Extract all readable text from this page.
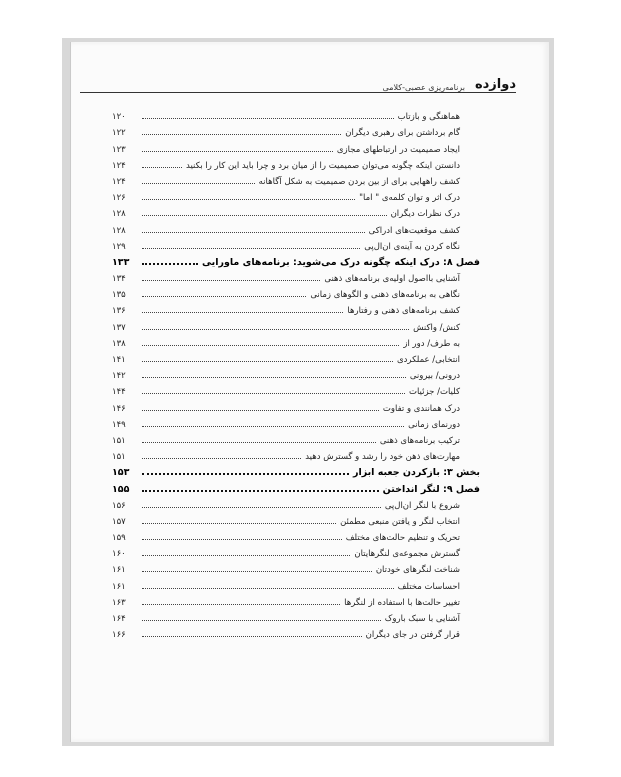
دوازده
برنامه‌ریزی عصبی-کلامی
هماهنگی و بازتاب
۱۲۰
گام برداشتن برای رهبری دیگران
۱۲۲
ایجاد صمیمیت در ارتباطهای مجازی
۱۲۳
دانستن اینکه چگونه می‌توان صمیمیت را از میان برد و چرا باید این کار را بکنید
۱۲۴
کشف راههایی برای از بین بردن صمیمیت به شکل آگاهانه
۱۲۴
درک اثر و توان کلمه‌ی " اما"
۱۲۶
درک نظرات دیگران
۱۲۸
کشف موقعیت‌های ادراکی
۱۲۸
نگاه کردن به آینه‌ی ان‌ال‌پی
۱۲۹
فصل ۸: درک اینکه چگونه درک می‌شوید: برنامه‌های ماورایی
۱۳۳
آشنایی بااصول اولیه‌ی برنامه‌های ذهنی
۱۳۴
نگاهی به برنامه‌های ذهنی و الگوهای زمانی
۱۳۵
کشف برنامه‌های ذهنی و رفتارها
۱۳۶
کنش/ واکنش
۱۳۷
به طرف/ دور از
۱۳۸
انتخابی/ عملکردی
۱۴۱
درونی/ بیرونی
۱۴۲
کلیات/ جزئیات
۱۴۴
درک همانندی و تفاوت
۱۴۶
دورنمای زمانی
۱۴۹
ترکیب برنامه‌های ذهنی
۱۵۱
مهارت‌های ذهن خود را رشد و گسترش دهید
۱۵۱
بخش ۳: بازکردن جعبه ابزار
۱۵۳
فصل ۹: لنگر انداختن
۱۵۵
شروع با لنگر ان‌ال‌پی
۱۵۶
انتخاب لنگر و یافتن منبعی مطمئن
۱۵۷
تحریک و تنظیم حالت‌های مختلف
۱۵۹
گسترش مجموعه‌ی لنگرهایتان
۱۶۰
شناخت لنگرهای خودتان
۱۶۱
احساسات مختلف
۱۶۱
تغییر حالت‌ها با استفاده از لنگرها
۱۶۳
آشنایی با سبک باروک
۱۶۴
قرار گرفتن در جای دیگران
۱۶۶
